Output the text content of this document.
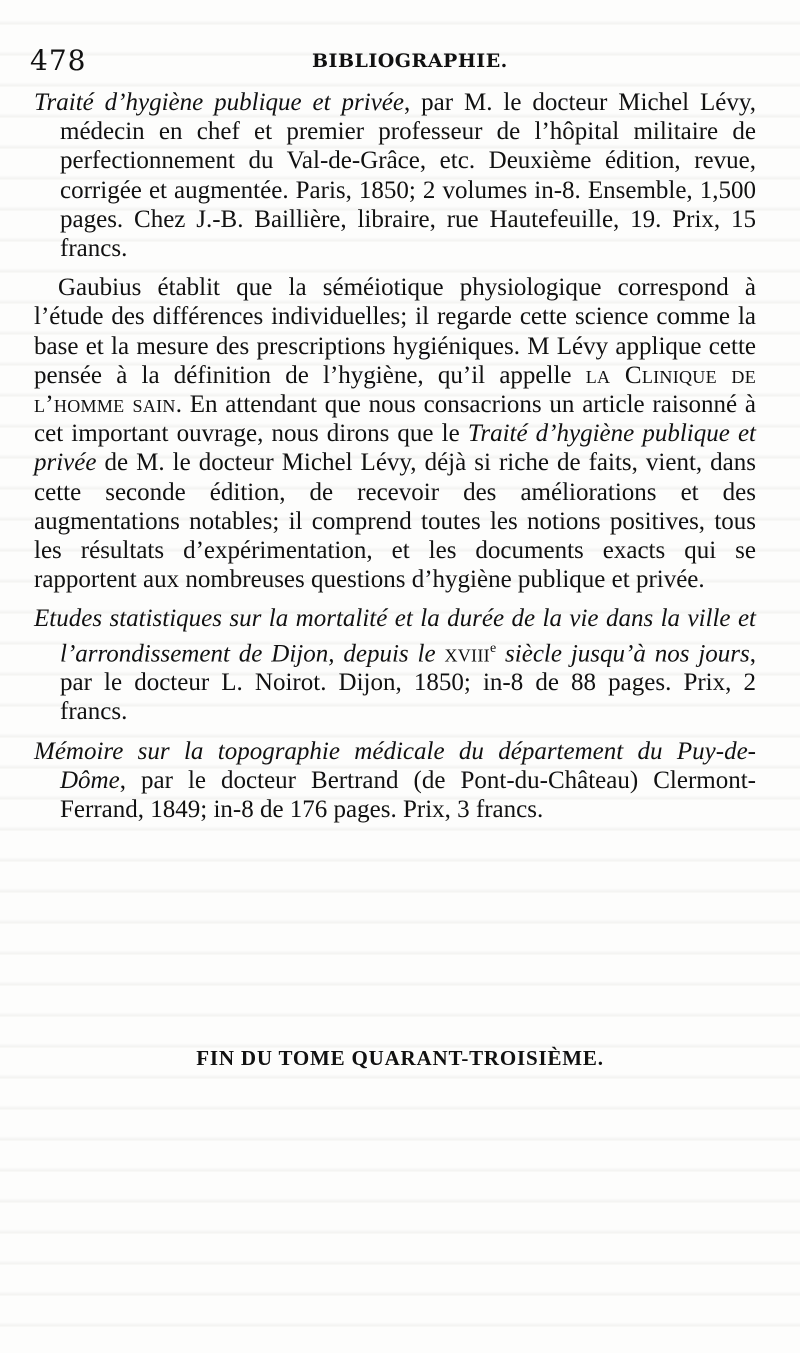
478	BIBLIOGRAPHIE.

Traité d’hygiène publique et privée, par M. le docteur Michel Lévy, médecin en chef et premier professeur de l’hôpital militaire de perfectionnement du Val-de-Grâce, etc. Deuxième édition, revue, corrigée et augmentée. Paris, 1850; 2 volumes in-8. Ensemble, 1,500 pages. Chez J.-B. Baillière, libraire, rue Hautefeuille, 19. Prix, 15 francs.

Gaubius établit que la séméiotique physiologique correspond à l’étude des différences individuelles; il regarde cette science comme la base et la mesure des prescriptions hygiéniques. M Lévy applique cette pensée à la définition de l’hygiène, qu’il appelle la Clinique de l’homme sain. En attendant que nous consacrions un article raisonné à cet important ouvrage, nous dirons que le Traité d’hygiène publique et privée de M. le docteur Michel Lévy, déjà si riche de faits, vient, dans cette seconde édition, de recevoir des améliorations et des augmentations notables; il comprend toutes les notions positives, tous les résultats d’expérimentation, et les documents exacts qui se rapportent aux nombreuses questions d’hygiène publique et privée.

Etudes statistiques sur la mortalité et la durée de la vie dans la ville et l’arrondissement de Dijon, depuis le xviii$^e$ siècle jusqu’à nos jours, par le docteur L. Noirot. Dijon, 1850; in-8 de 88 pages. Prix, 2 francs.

Mémoire sur la topographie médicale du département du Puy-de-Dôme, par le docteur Bertrand (de Pont-du-Château) Clermont-Ferrand, 1849; in-8 de 176 pages. Prix, 3 francs.

FIN DU TOME QUARANT-TROISIÈME.
